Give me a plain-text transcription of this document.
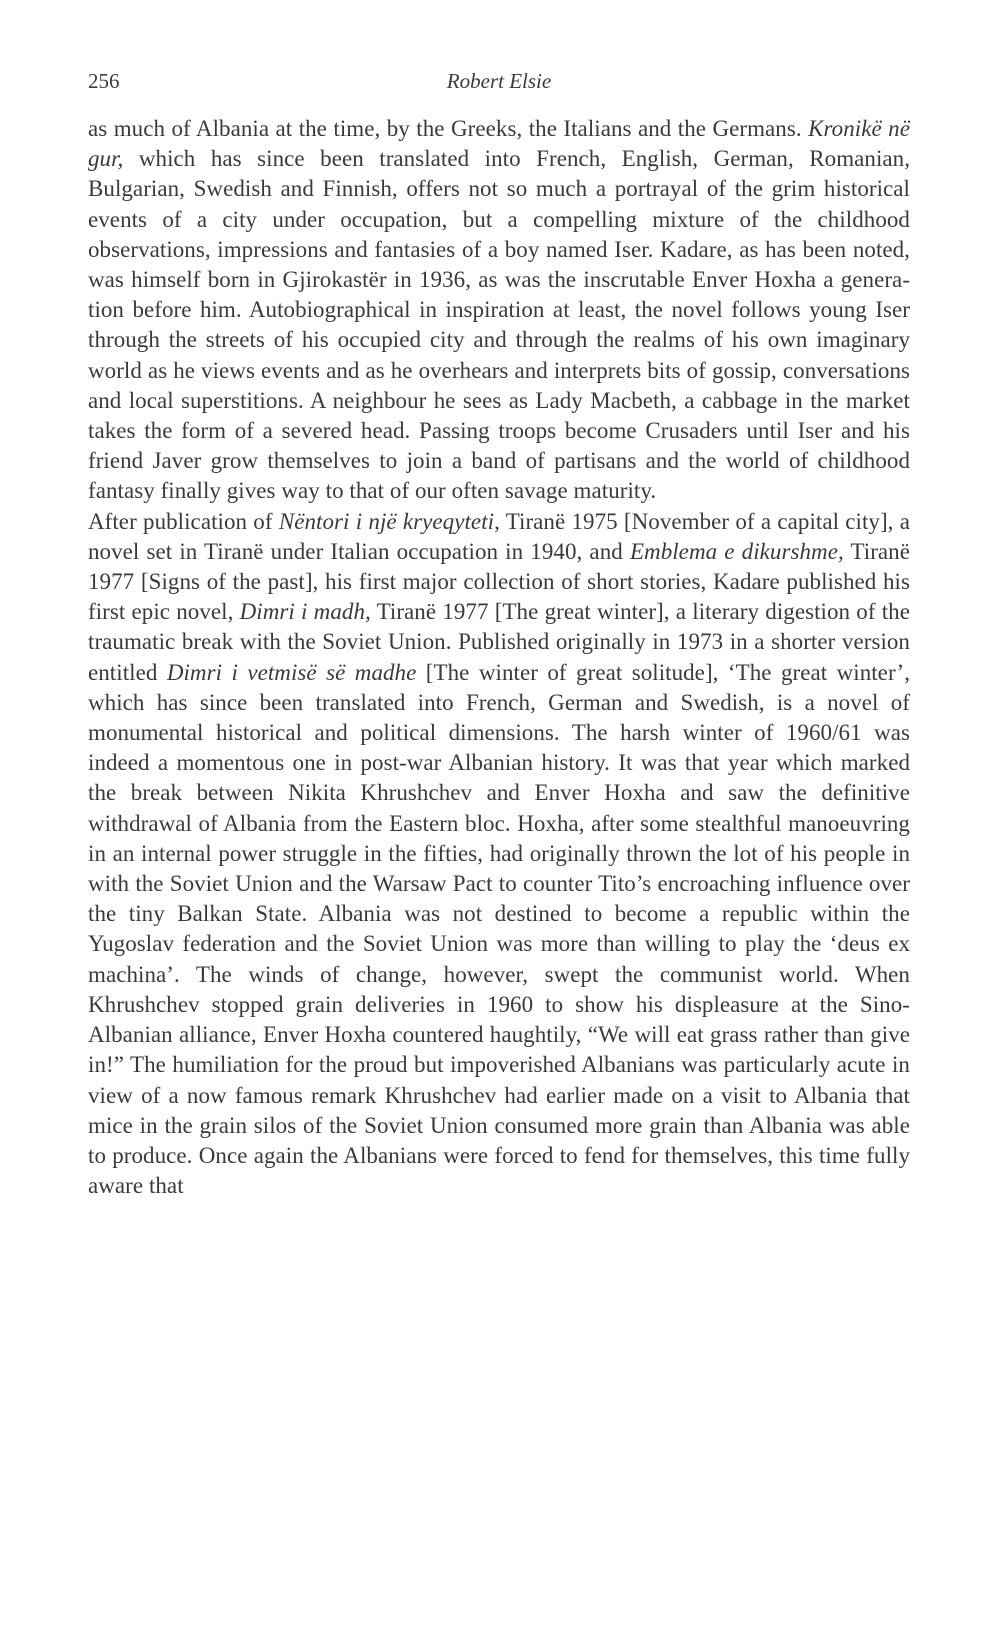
256	Robert Elsie

as much of Albania at the time, by the Greeks, the Italians and the Germans. Kronikë në gur, which has since been translated into French, English, German, Romanian, Bulgarian, Swedish and Finnish, offers not so much a portrayal of the grim historical events of a city under occupation, but a compelling mixture of the childhood observations, impressions and fantasies of a boy named Iser. Kadare, as has been noted, was himself born in Gjirokastër in 1936, as was the inscrutable Enver Hoxha a generation before him. Autobiographical in inspiration at least, the novel follows young Iser through the streets of his occupied city and through the realms of his own imaginary world as he views events and as he overhears and interprets bits of gossip, conversations and local superstitions. A neighbour he sees as Lady Macbeth, a cabbage in the market takes the form of a severed head. Passing troops become Crusaders until Iser and his friend Javer grow themselves to join a band of partisans and the world of childhood fantasy finally gives way to that of our often savage maturity.

After publication of Nëntori i një kryeqyteti, Tiranë 1975 [November of a capital city], a novel set in Tiranë under Italian occupation in 1940, and Emblema e dikurshme, Tiranë 1977 [Signs of the past], his first major collection of short stories, Kadare published his first epic novel, Dimri i madh, Tiranë 1977 [The great winter], a literary digestion of the traumatic break with the Soviet Union. Published originally in 1973 in a shorter version entitled Dimri i vetmisë së madhe [The winter of great solitude], ‘The great winter’, which has since been translated into French, German and Swedish, is a novel of monumental historical and political dimensions. The harsh winter of 1960/61 was indeed a momentous one in post-war Albanian history. It was that year which marked the break between Nikita Khrushchev and Enver Hoxha and saw the definitive withdrawal of Albania from the Eastern bloc. Hoxha, after some stealthful manoeuvring in an internal power struggle in the fifties, had originally thrown the lot of his people in with the Soviet Union and the Warsaw Pact to counter Tito’s encroaching influence over the tiny Balkan State. Albania was not destined to become a republic within the Yugoslav federation and the Soviet Union was more than willing to play the ‘deus ex machina’. The winds of change, however, swept the communist world. When Khrushchev stopped grain deliveries in 1960 to show his displeasure at the Sino-Albanian alliance, Enver Hoxha countered haughtily, “We will eat grass rather than give in!” The humiliation for the proud but impoverished Albanians was particularly acute in view of a now famous remark Khrushchev had earlier made on a visit to Albania that mice in the grain silos of the Soviet Union consumed more grain than Albania was able to produce. Once again the Albanians were forced to fend for themselves, this time fully aware that
